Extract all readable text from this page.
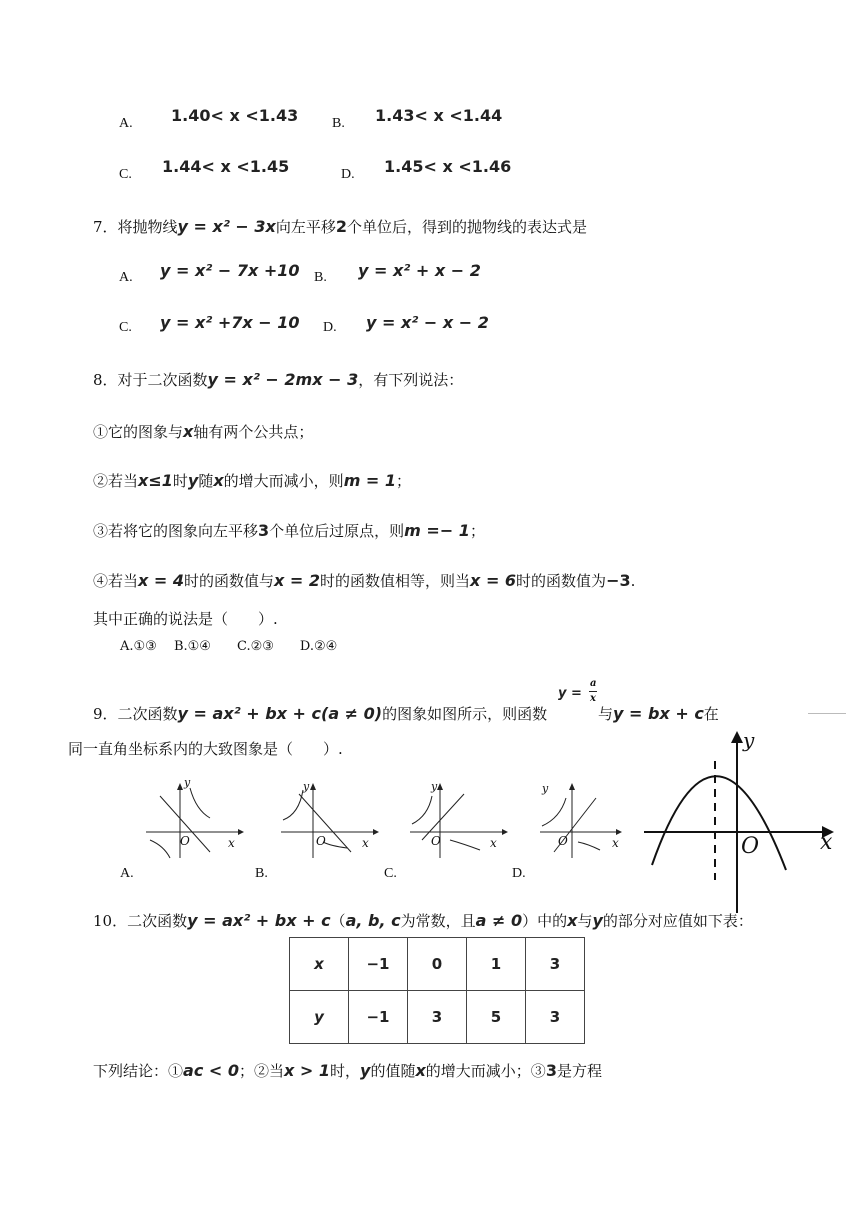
A. 1.40< x <1.43 B. 1.43< x <1.44
C. 1.44< x <1.45	D. 1.45< x <1.46
7．将抛物线y = x² − 3x向左平移2个单位后，得到的抛物线的表达式是
A. y = x² − 7x +10 B. y = x² + x − 2
C. y = x² +7x − 10 D. y = x² − x − 2
8．对于二次函数y = x² − 2mx − 3，有下列说法：
①它的图象与x轴有两个公共点；
②若当x≤1时y随x的增大而减小，则m = 1；
③若将它的图象向左平移3个单位后过原点，则m =− 1；
④若当x = 4时的函数值与x = 2时的函数值相等，则当x = 6时的函数值为−3.
其中正确的说法是（　　）.
A.①③　 B.①④　　C.②③　　D.②④
9．二次函数y = ax² + bx + c(a ≠ 0)的图象如图所示，则函数
y =
a
x
与y = bx + c在
同一直角坐标系内的大致图象是（　　）.
y
x
O
y
x
O
y
x
O
y
x
O
A.	B.	C.	D.
y
x
O
10．二次函数y = ax² + bx + c（a, b, c为常数，且a ≠ 0）中的x与y的部分对应值如下表：
x	−1	0	1	3
y	−1	3	5	3
下列结论：①ac < 0；②当x > 1时，y的值随x的增大而减小；③3是方程
